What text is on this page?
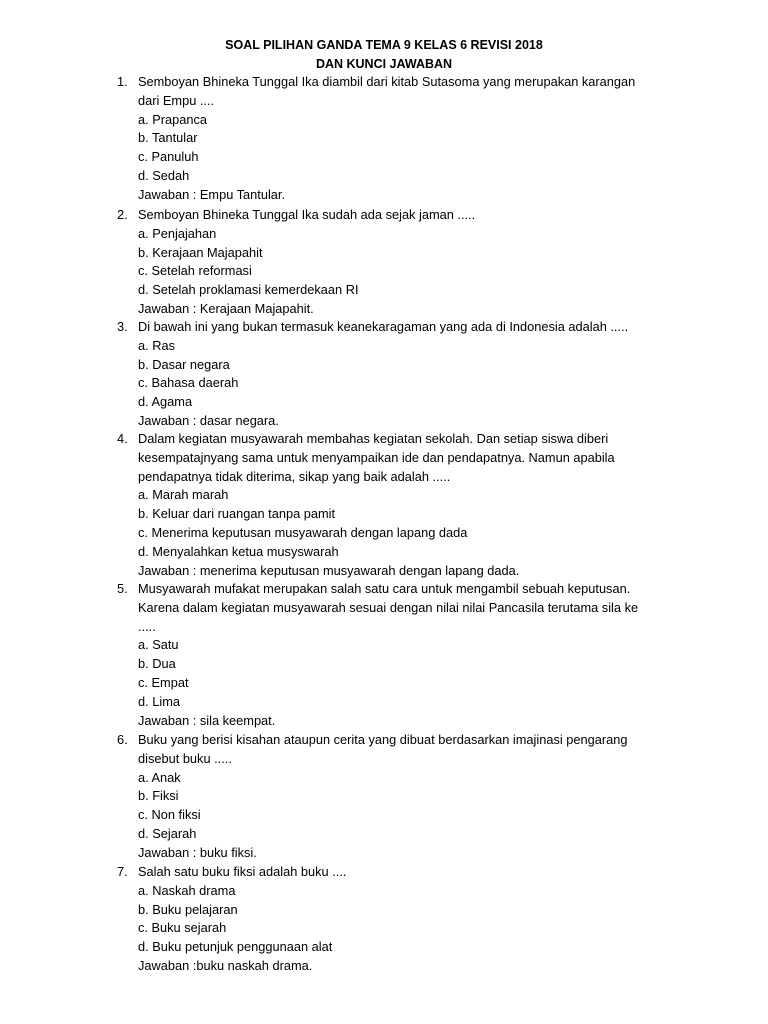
SOAL PILIHAN GANDA TEMA 9 KELAS 6 REVISI 2018
DAN KUNCI JAWABAN
1. Semboyan Bhineka Tunggal Ika diambil dari kitab Sutasoma yang merupakan karangan dari Empu ....
a. Prapanca
b. Tantular
c. Panuluh
d. Sedah
Jawaban : Empu Tantular.
2. Semboyan Bhineka Tunggal Ika sudah ada sejak jaman .....
a. Penjajahan
b. Kerajaan Majapahit
c. Setelah reformasi
d. Setelah proklamasi kemerdekaan RI
Jawaban : Kerajaan Majapahit.
3. Di bawah ini yang bukan termasuk keanekaragaman yang ada di Indonesia adalah .....
a. Ras
b. Dasar negara
c. Bahasa daerah
d. Agama
Jawaban : dasar negara.
4. Dalam kegiatan musyawarah membahas kegiatan sekolah. Dan setiap siswa diberi kesempatajnyang sama untuk menyampaikan ide dan pendapatnya. Namun apabila pendapatnya tidak diterima, sikap yang baik adalah .....
a. Marah marah
b. Keluar dari ruangan tanpa pamit
c. Menerima keputusan musyawarah dengan lapang dada
d. Menyalahkan ketua musyswarah
Jawaban : menerima keputusan musyawarah dengan lapang dada.
5. Musyawarah mufakat merupakan salah satu cara untuk mengambil sebuah keputusan. Karena dalam kegiatan musyawarah sesuai dengan nilai nilai Pancasila terutama sila ke .....
a. Satu
b. Dua
c. Empat
d. Lima
Jawaban : sila keempat.
6. Buku yang berisi kisahan ataupun cerita yang dibuat berdasarkan imajinasi pengarang disebut buku .....
a. Anak
b. Fiksi
c. Non fiksi
d. Sejarah
Jawaban : buku fiksi.
7. Salah satu buku fiksi adalah buku ....
a. Naskah drama
b. Buku pelajaran
c. Buku sejarah
d. Buku petunjuk penggunaan alat
Jawaban :buku naskah drama.
